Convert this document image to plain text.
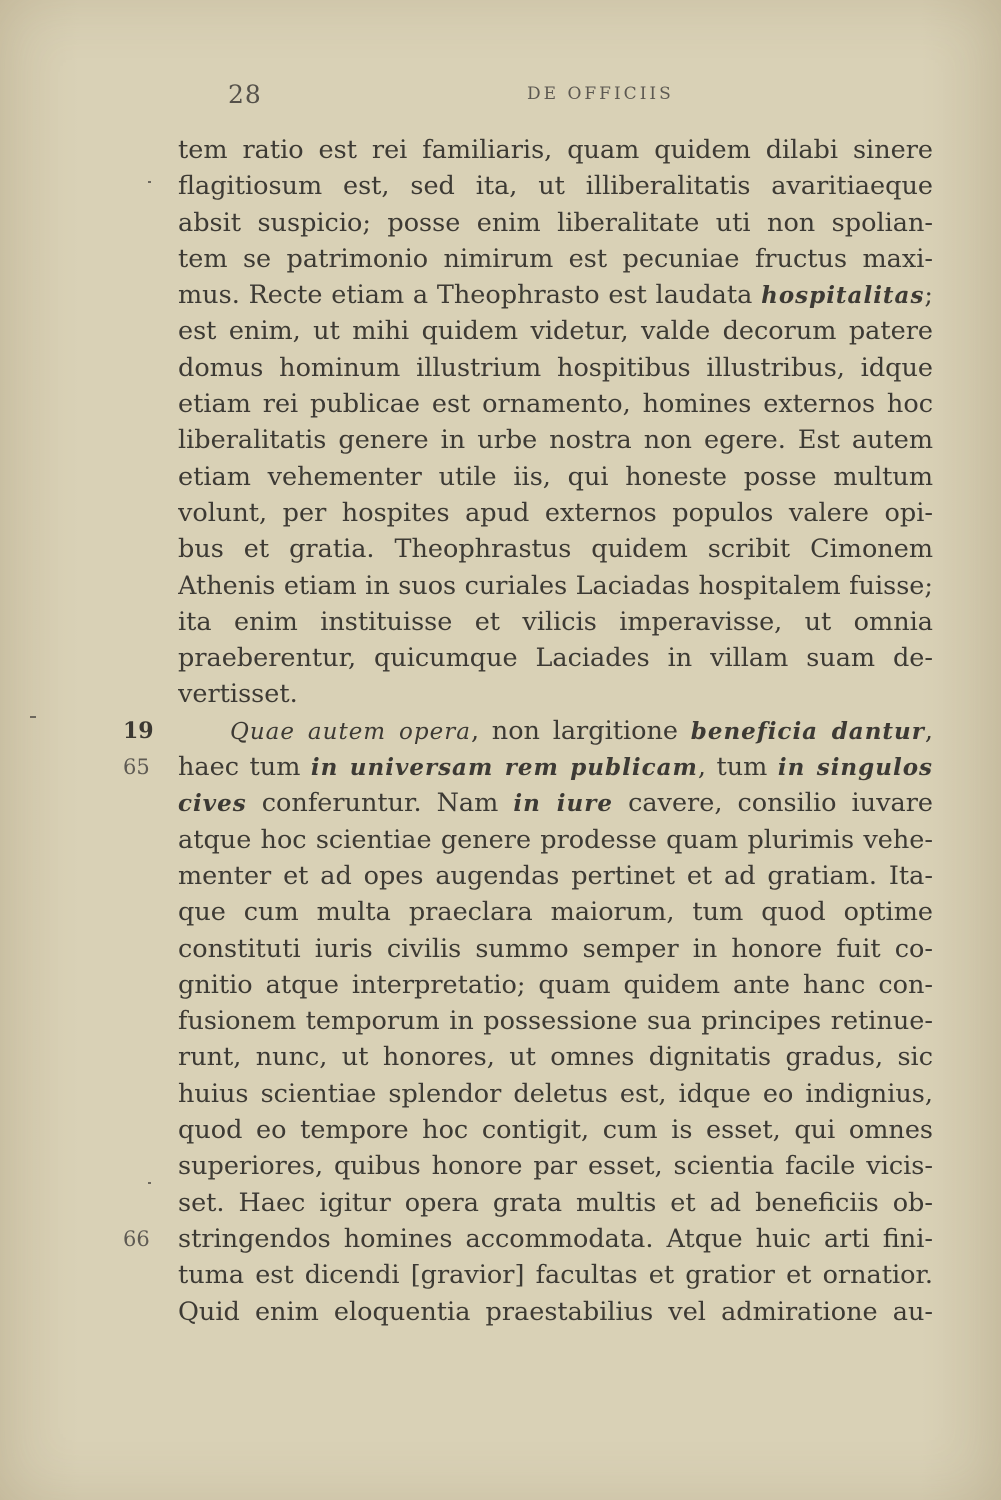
28	DE OFFICIIS
tem ratio est rei familiaris, quam quidem dilabi sinere
flagitiosum est, sed ita, ut illiberalitatis avaritiaeque
absit suspicio; posse enim liberalitate uti non spolian-
tem se patrimonio nimirum est pecuniae fructus maxi-
mus. Recte etiam a Theophrasto est laudata hospitalitas;
est enim, ut mihi quidem videtur, valde decorum patere
domus hominum illustrium hospitibus illustribus, idque
etiam rei publicae est ornamento, homines externos hoc
liberalitatis genere in urbe nostra non egere. Est autem
etiam vehementer utile iis, qui honeste posse multum
volunt, per hospites apud externos populos valere opi-
bus et gratia. Theophrastus quidem scribit Cimonem
Athenis etiam in suos curiales Laciadas hospitalem fuisse;
ita enim instituisse et vilicis imperavisse, ut omnia
praeberentur, quicumque Laciades in villam suam de-
vertisset.
Quae autem opera, non largitione beneficia dantur,
haec tum in universam rem publicam, tum in singulos
cives conferuntur. Nam in iure cavere, consilio iuvare
atque hoc scientiae genere prodesse quam plurimis vehe-
menter et ad opes augendas pertinet et ad gratiam. Ita-
que cum multa praeclara maiorum, tum quod optime
constituti iuris civilis summo semper in honore fuit co-
gnitio atque interpretatio; quam quidem ante hanc con-
fusionem temporum in possessione sua principes retinue-
runt, nunc, ut honores, ut omnes dignitatis gradus, sic
huius scientiae splendor deletus est, idque eo indignius,
quod eo tempore hoc contigit, cum is esset, qui omnes
superiores, quibus honore par esset, scientia facile vicis-
set. Haec igitur opera grata multis et ad beneficiis ob-
stringendos homines accommodata. Atque huic arti fini-
tuma est dicendi [gravior] facultas et gratior et ornatior.
Quid enim eloquentia praestabilius vel admiratione au-
19
65
66
